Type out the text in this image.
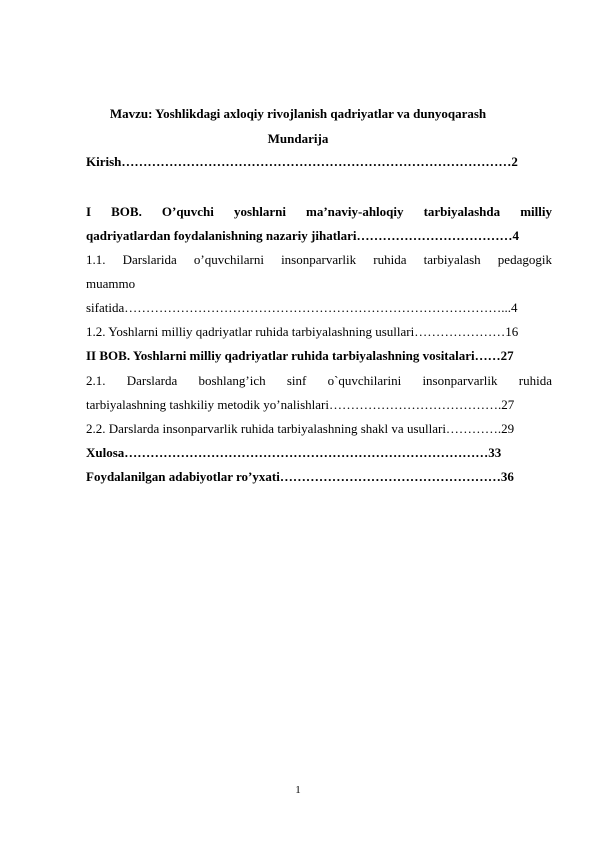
Mavzu: Yoshlikdagi axloqiy rivojlanish qadriyatlar va dunyoqarash
Mundarija
Kirish………………………………………………………………………………2
I BOB. O’quvchi yoshlarni ma’naviy-ahloqiy tarbiyalashda milliy
qadriyatlardan foydalanishning nazariy jihatlari………………………………4
1.1. Darslarida o’quvchilarni insonparvarlik ruhida tarbiyalash pedagogik
muammo
sifatida……………………………………………………………………………...4
1.2. Yoshlarni milliy qadriyatlar ruhida tarbiyalashning usullari…………………16
II BOB. Yoshlarni milliy qadriyatlar ruhida tarbiyalashning vositalari……27
2.1. Darslarda boshlang’ich sinf o`quvchilarini insonparvarlik ruhida
tarbiyalashning tashkiliy metodik yo’nalishlari………………………………….27
2.2. Darslarda insonparvarlik ruhida tarbiyalashning shakl va usullari………….29
Xulosa…………………………………………………………………………33
Foydalanilgan adabiyotlar ro’yxati……………………………………………36
1
